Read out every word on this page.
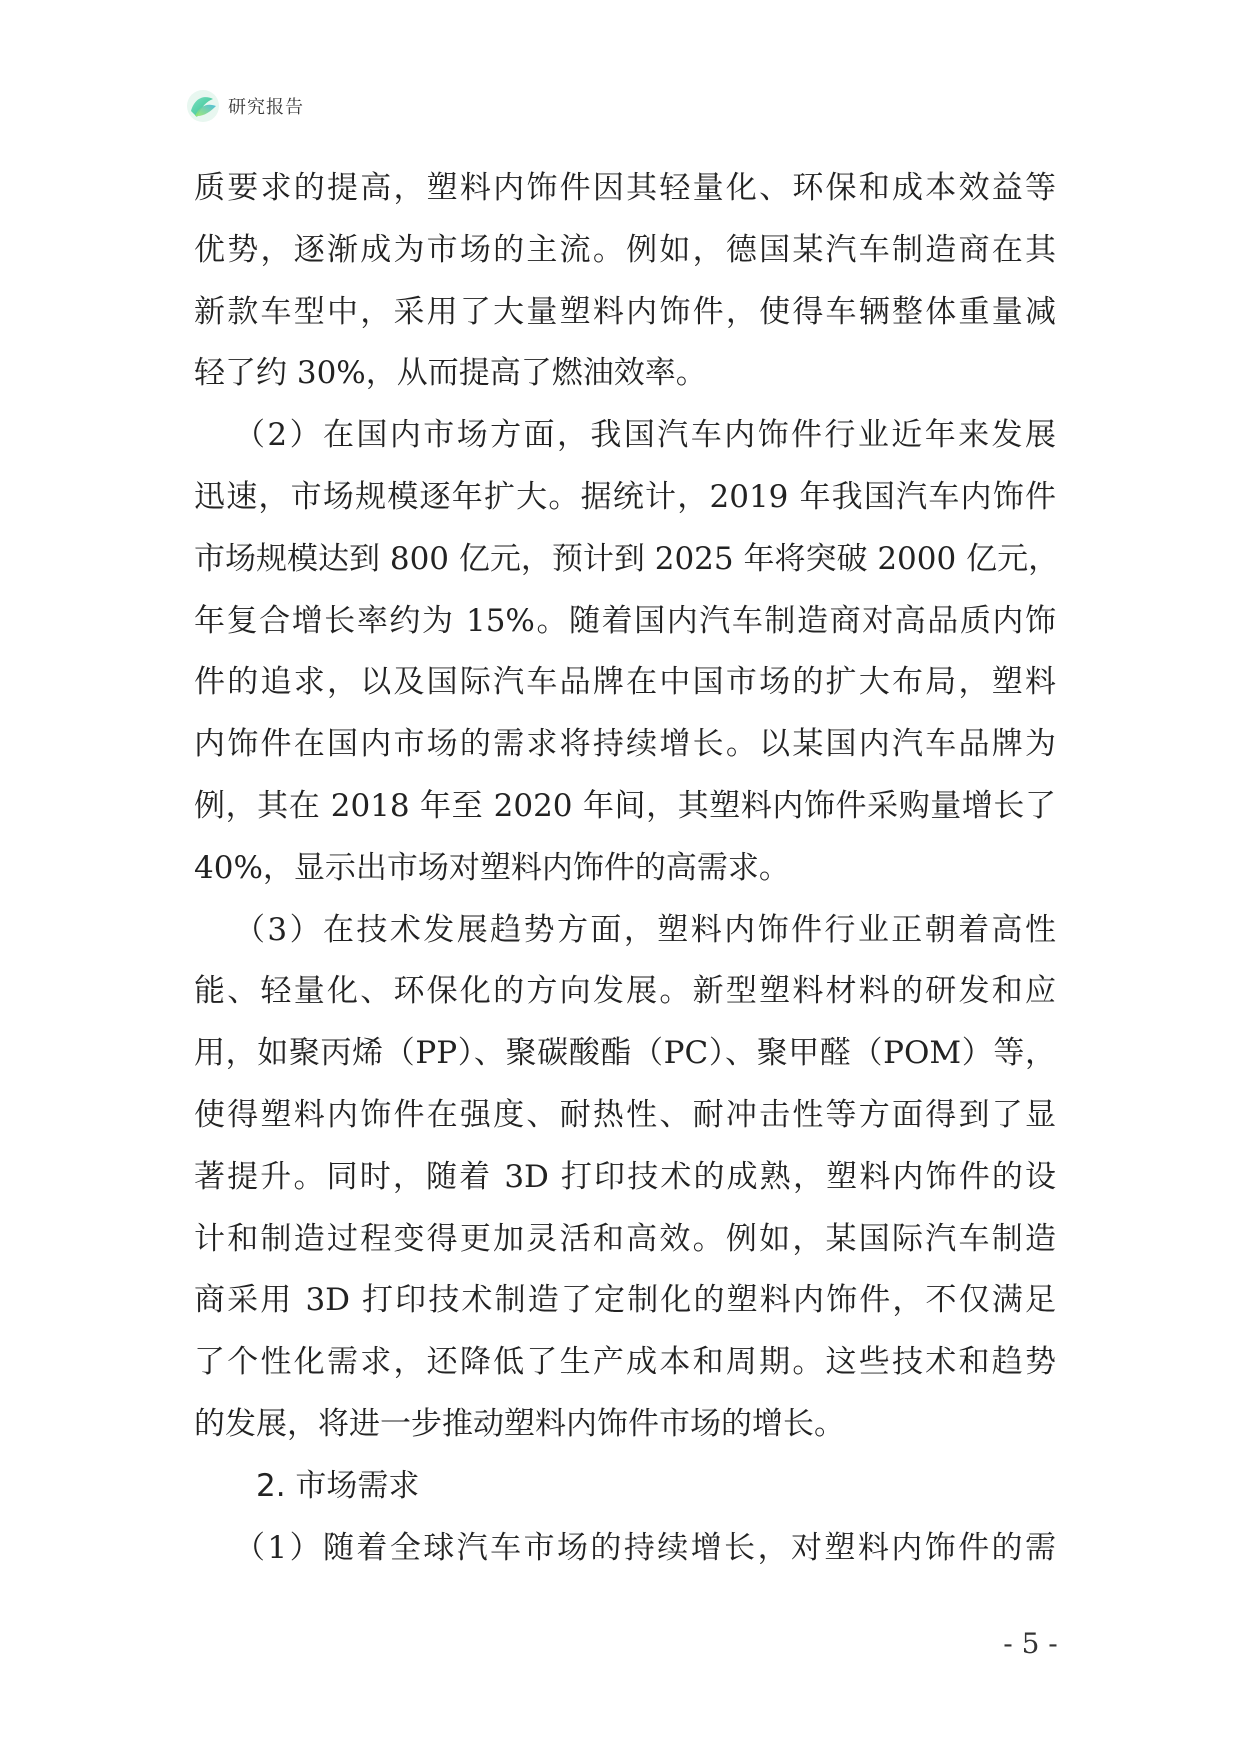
研究报告
质要求的提高，塑料内饰件因其轻量化、环保和成本效益等
优势，逐渐成为市场的主流。例如，德国某汽车制造商在其
新款车型中，采用了大量塑料内饰件，使得车辆整体重量减
轻了约 30%，从而提高了燃油效率。
（2）在国内市场方面，我国汽车内饰件行业近年来发展
迅速，市场规模逐年扩大。据统计，2019 年我国汽车内饰件
市场规模达到 800 亿元，预计到 2025 年将突破 2000 亿元，
年复合增长率约为 15%。随着国内汽车制造商对高品质内饰
件的追求，以及国际汽车品牌在中国市场的扩大布局，塑料
内饰件在国内市场的需求将持续增长。以某国内汽车品牌为
例，其在 2018 年至 2020 年间，其塑料内饰件采购量增长了
40%，显示出市场对塑料内饰件的高需求。
（3）在技术发展趋势方面，塑料内饰件行业正朝着高性
能、轻量化、环保化的方向发展。新型塑料材料的研发和应
用，如聚丙烯（PP）、聚碳酸酯（PC）、聚甲醛（POM）等，
使得塑料内饰件在强度、耐热性、耐冲击性等方面得到了显
著提升。同时，随着 3D 打印技术的成熟，塑料内饰件的设
计和制造过程变得更加灵活和高效。例如，某国际汽车制造
商采用 3D 打印技术制造了定制化的塑料内饰件，不仅满足
了个性化需求，还降低了生产成本和周期。这些技术和趋势
的发展，将进一步推动塑料内饰件市场的增长。
2. 市场需求
（1）随着全球汽车市场的持续增长，对塑料内饰件的需
- 5 -
